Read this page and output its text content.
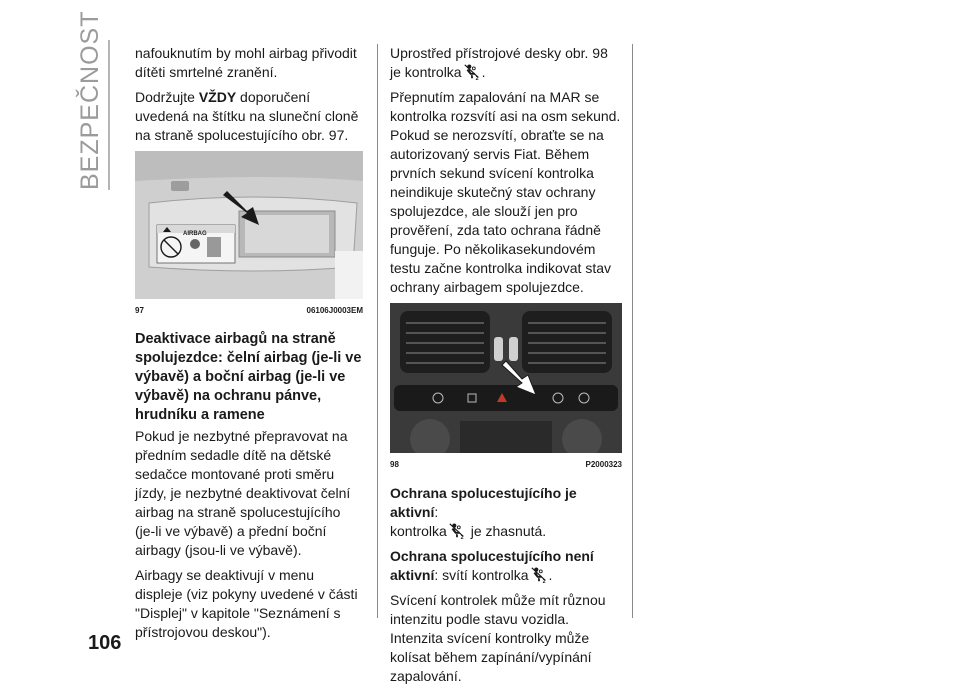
BEZPEČNOST nafouknutím by mohl airbag přivodit dítěti smrtelné zranění.

Dodržujte VŽDY doporučení uvedená na štítku na sluneční cloně na straně spolucestujícího obr. 97.

AIRBAG
97	06106J0003EM
Deaktivace airbagů na straně spolujezdce: čelní airbag (je-li ve výbavě) a boční airbag (je-li ve výbavě) na ochranu pánve, hrudníku a ramene

Pokud je nezbytné přepravovat na předním sedadle dítě na dětské sedačce montované proti směru jízdy, je nezbytné deaktivovat čelní airbag na straně spolucestujícího (je-li ve výbavě) a přední boční airbagy (jsou-li ve výbavě).

Airbagy se deaktivují v menu displeje (viz pokyny uvedené v části "Displej" v kapitole "Seznámení s přístrojovou deskou").

Uprostřed přístrojové desky obr. 98 je kontrolka .

Přepnutím zapalování na MAR se kontrolka rozsvítí asi na osm sekund. Pokud se nerozsvítí, obraťte se na autorizovaný servis Fiat. Během prvních sekund svícení kontrolka neindikuje skutečný stav ochrany spolujezdce, ale slouží jen pro prověření, zda tato ochrana řádně funguje. Po několikasekundovém testu začne kontrolka indikovat stav ochrany airbagem spolujezdce.

98	P2000323

Ochrana spolucestujícího je aktivní:
kontrolka je zhasnutá.

Ochrana spolucestujícího není
aktivní: svítí kontrolka .

Svícení kontrolek může mít různou intenzitu podle stavu vozidla. Intenzita svícení kontrolky může kolísat během zapínání/vypínání zapalování.

106
